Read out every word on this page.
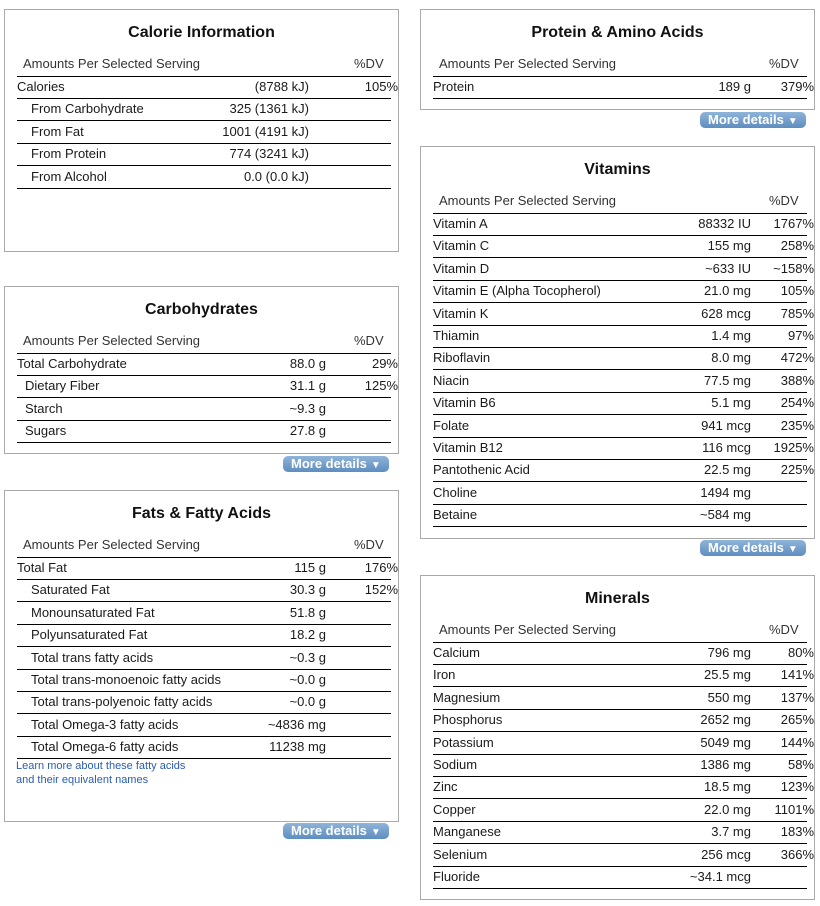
Calorie Information
Amounts Per Selected Serving	%DV
Calories	(8788 kJ)	105%
From Carbohydrate	325 (1361 kJ)
From Fat	1001 (4191 kJ)
From Protein	774 (3241 kJ)
From Alcohol	0.0 (0.0 kJ)
Carbohydrates
Amounts Per Selected Serving	%DV
Total Carbohydrate	88.0 g	29%
Dietary Fiber	31.1 g	125%
Starch	~9.3 g
Sugars	27.8 g
More details ▼
Fats & Fatty Acids
Amounts Per Selected Serving	%DV
Total Fat	115 g	176%
Saturated Fat	30.3 g	152%
Monounsaturated Fat	51.8 g
Polyunsaturated Fat	18.2 g
Total trans fatty acids	~0.3 g
Total trans-monoenoic fatty acids	~0.0 g
Total trans-polyenoic fatty acids	~0.0 g
Total Omega-3 fatty acids	~4836 mg
Total Omega-6 fatty acids	11238 mg
Learn more about these fatty acids
and their equivalent names
More details ▼
Protein & Amino Acids
Amounts Per Selected Serving	%DV
Protein	189 g 379%
More details ▼
Vitamins
Amounts Per Selected Serving	%DV
Vitamin A	88332 IU 1767%
Vitamin C	155 mg 258%
Vitamin D	~633 IU ~158%
Vitamin E (Alpha Tocopherol)	21.0 mg 105%
Vitamin K	628 mcg 785%
Thiamin	1.4 mg	97%
Riboflavin	8.0 mg 472%
Niacin	77.5 mg 388%
Vitamin B6	5.1 mg 254%
Folate	941 mcg 235%
Vitamin B12	116 mcg 1925%
Pantothenic Acid	22.5 mg 225%
Choline	1494 mg
Betaine	~584 mg
More details ▼
Minerals
Amounts Per Selected Serving	%DV
Calcium	796 mg	80%
Iron	25.5 mg 141%
Magnesium	550 mg 137%
Phosphorus	2652 mg 265%
Potassium	5049 mg 144%
Sodium	1386 mg	58%
Zinc	18.5 mg 123%
Copper	22.0 mg 1101%
Manganese	3.7 mg 183%
Selenium	256 mcg 366%
Fluoride	~34.1 mcg
